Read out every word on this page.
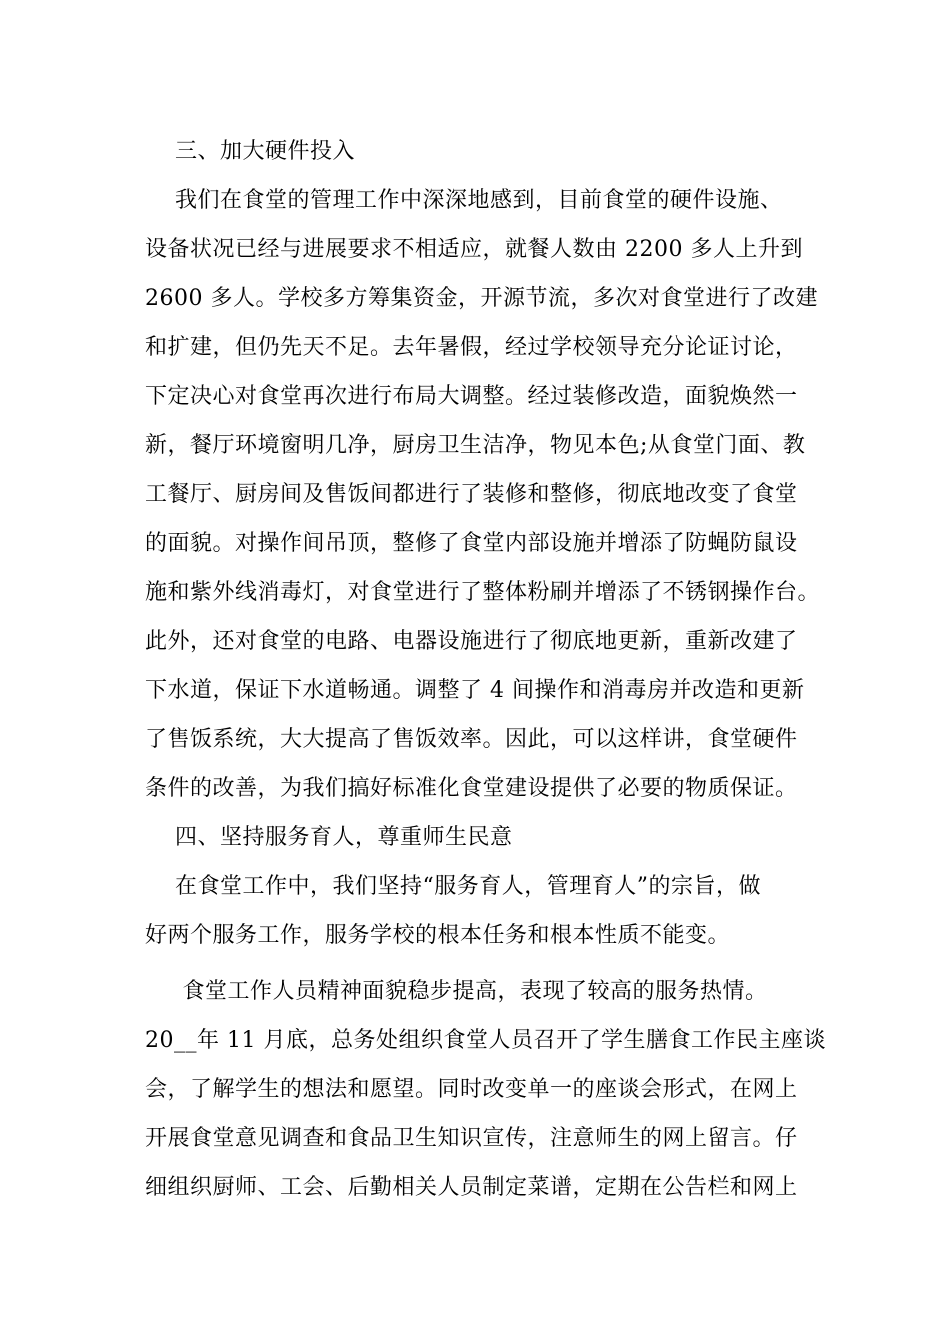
三、加大硬件投入
我们在食堂的管理工作中深深地感到，目前食堂的硬件设施、
设备状况已经与进展要求不相适应，就餐人数由 2200 多人上升到
2600 多人。学校多方筹集资金，开源节流，多次对食堂进行了改建
和扩建，但仍先天不足。去年暑假，经过学校领导充分论证讨论，
下定决心对食堂再次进行布局大调整。经过装修改造，面貌焕然一
新，餐厅环境窗明几净，厨房卫生洁净，物见本色;从食堂门面、教
工餐厅、厨房间及售饭间都进行了装修和整修，彻底地改变了食堂
的面貌。对操作间吊顶，整修了食堂内部设施并增添了防蝇防鼠设
施和紫外线消毒灯，对食堂进行了整体粉刷并增添了不锈钢操作台。
此外，还对食堂的电路、电器设施进行了彻底地更新，重新改建了
下水道，保证下水道畅通。调整了 4 间操作和消毒房并改造和更新
了售饭系统，大大提高了售饭效率。因此，可以这样讲，食堂硬件
条件的改善，为我们搞好标准化食堂建设提供了必要的物质保证。
四、坚持服务育人，尊重师生民意
在食堂工作中，我们坚持“服务育人，管理育人”的宗旨，做
好两个服务工作，服务学校的根本任务和根本性质不能变。
食堂工作人员精神面貌稳步提高，表现了较高的服务热情。
20__年 11 月底，总务处组织食堂人员召开了学生膳食工作民主座谈
会，了解学生的想法和愿望。同时改变单一的座谈会形式，在网上
开展食堂意见调查和食品卫生知识宣传，注意师生的网上留言。仔
细组织厨师、工会、后勤相关人员制定菜谱，定期在公告栏和网上
